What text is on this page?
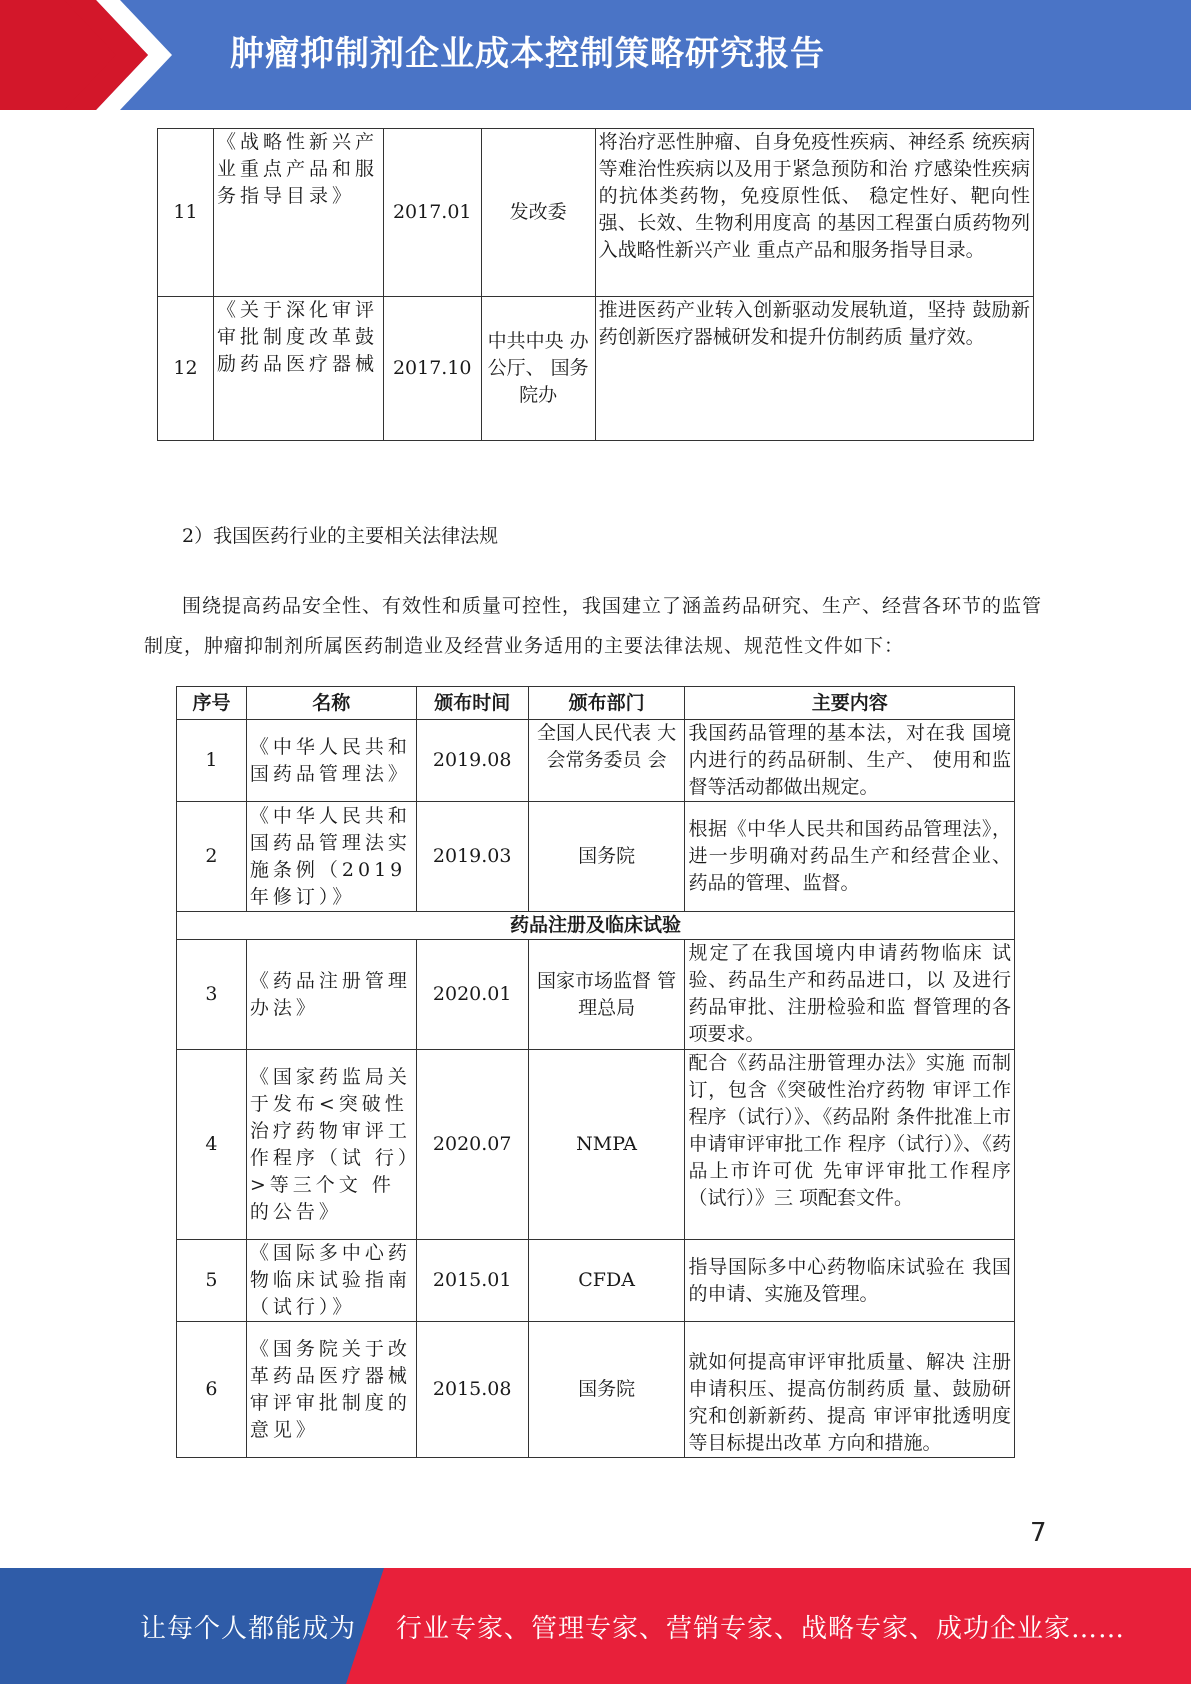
肿瘤抑制剂企业成本控制策略研究报告
11	《战略性新兴产业重点产品和服务指导目录》	2017.01	发改委	将治疗恶性肿瘤、自身免疫性疾病、神经系 统疾病等难治性疾病以及用于紧急预防和治 疗感染性疾病的抗体类药物，免疫原性低、 稳定性好、靶向性强、长效、生物利用度高 的基因工程蛋白质药物列入战略性新兴产业 重点产品和服务指导目录。
12	《关于深化审评审批制度改革鼓励药品医疗器械	2017.10	中共中央 办公厅、 国务院办	推进医药产业转入创新驱动发展轨道，坚持 鼓励新药创新医疗器械研发和提升仿制药质 量疗效。
2）我国医药行业的主要相关法律法规
围绕提高药品安全性、有效性和质量可控性，我国建立了涵盖药品研究、生产、经营各环节的监管制度，肿瘤抑制剂所属医药制造业及经营业务适用的主要法律法规、规范性文件如下：
序号	名称	颁布时间	颁布部门	主要内容
1	《中华人民共和国药品管理法》	2019.08	全国人民代表 大会常务委员 会	我国药品管理的基本法，对在我 国境内进行的药品研制、生产、 使用和监督等活动都做出规定。
2	《中华人民共和国药品管理法实施条例（2019年修订）》	2019.03	国务院	根据《中华人民共和国药品管理法》，进一步明确对药品生产和经营企业、药品的管理、监督。
药品注册及临床试验				
3	《药品注册管理办法》	2020.01	国家市场监督 管理总局	规定了在我国境内申请药物临床 试验、药品生产和药品进口，以 及进行药品审批、注册检验和监 督管理的各项要求。
4	《国家药监局关于发布<突破性 治疗药物审评工 作程序（试 行）>等三个文 件的公告》	2020.07	NMPA	配合《药品注册管理办法》实施 而制订，包含《突破性治疗药物 审评工作程序（试行）》、《药品附 条件批准上市申请审评审批工作 程序（试行）》、《药品上市许可优 先审评审批工作程序（试行）》三 项配套文件。
5	《国际多中心药物临床试验指南（试行）》	2015.01	CFDA	指导国际多中心药物临床试验在 我国的申请、实施及管理。
6	《国务院关于改革药品医疗器械审评审批制度的意见》	2015.08	国务院	就如何提高审评审批质量、解决 注册申请积压、提高仿制药质 量、鼓励研究和创新新药、提高 审评审批透明度等目标提出改革 方向和措施。
7
让每个人都能成为 行业专家、管理专家、营销专家、战略专家、成功企业家……
